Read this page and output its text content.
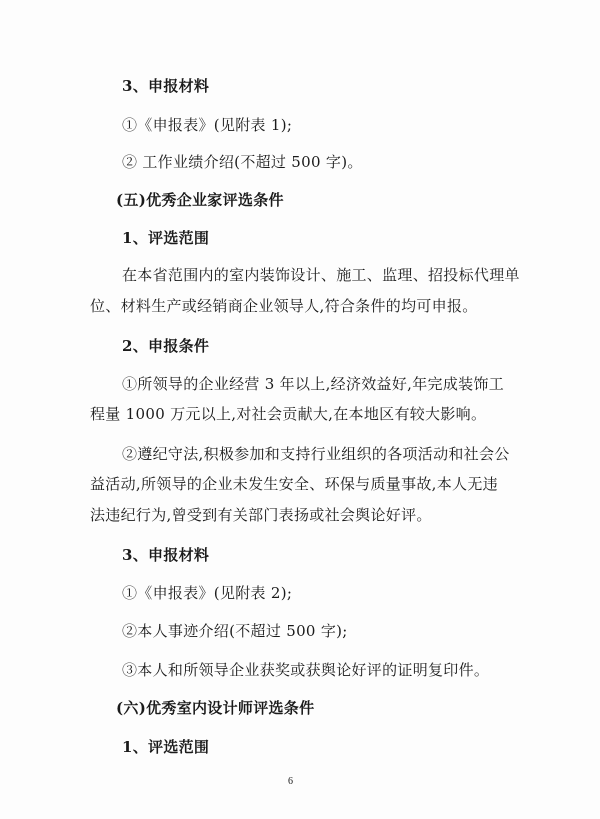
3、申报材料
①《申报表》(见附表 1);
② 工作业绩介绍(不超过 500 字)。
(五)优秀企业家评选条件
1、评选范围
在本省范围内的室内装饰设计、施工、监理、招投标代理单
位、材料生产或经销商企业领导人,符合条件的均可申报。
2、申报条件
①所领导的企业经营 3 年以上,经济效益好,年完成装饰工
程量 1000 万元以上,对社会贡献大,在本地区有较大影响。
②遵纪守法,积极参加和支持行业组织的各项活动和社会公
益活动,所领导的企业未发生安全、环保与质量事故,本人无违
法违纪行为,曾受到有关部门表扬或社会舆论好评。
3、申报材料
①《申报表》(见附表 2);
②本人事迹介绍(不超过 500 字);
③本人和所领导企业获奖或获舆论好评的证明复印件。
(六)优秀室内设计师评选条件
1、评选范围
6
